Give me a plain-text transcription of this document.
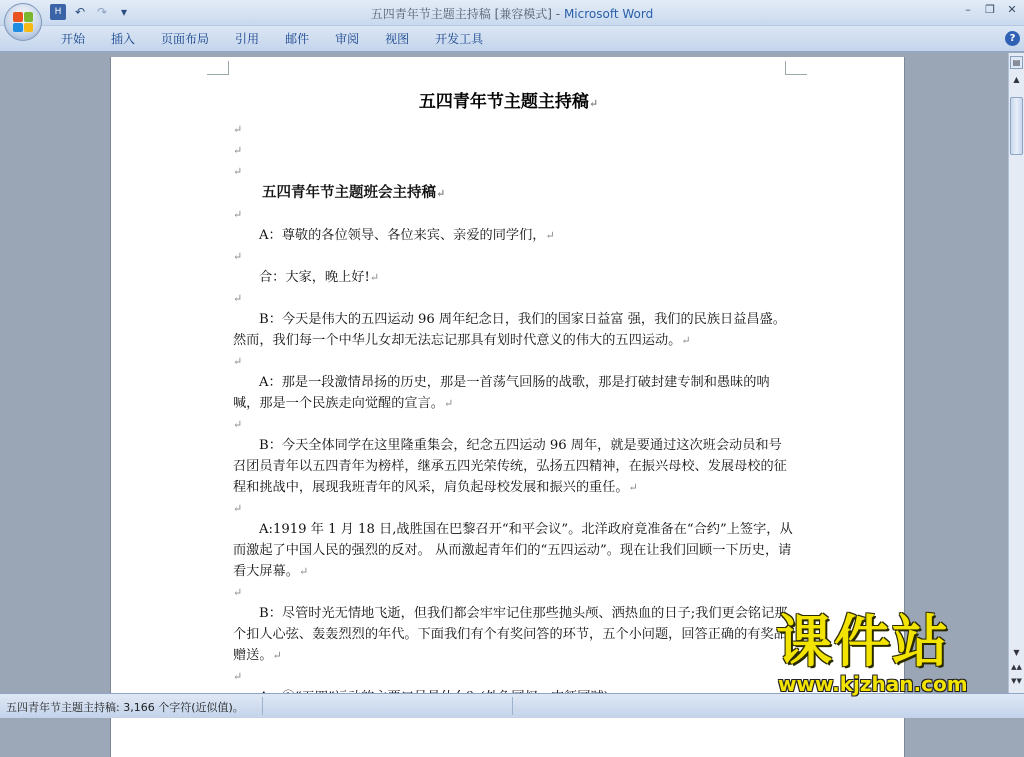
H	↶ ↷	▾	五四青年节主题主持稿 [兼容模式] - Microsoft Word	– ❐ ✕
开始	插入	页面布局	引用	邮件	审阅	视图	开发工具	?
五四青年节主题主持稿↵
↵
↵
↵
五四青年节主题班会主持稿↵
↵
A：尊敬的各位领导、各位来宾、亲爱的同学们，↵
↵
合：大家，晚上好!↵
↵
B：今天是伟大的五四运动 96 周年纪念日，我们的国家日益富 强，我们的民族日益昌盛。然而，我们每一个中华儿女却无法忘记那具有划时代意义的伟大的五四运动。↵
↵
A：那是一段激情昂扬的历史，那是一首荡气回肠的战歌，那是打破封建专制和愚昧的呐喊，那是一个民族走向觉醒的宣言。↵
↵
B：今天全体同学在这里隆重集会，纪念五四运动 96 周年，就是要通过这次班会动员和号召团员青年以五四青年为榜样，继承五四光荣传统，弘扬五四精神，在振兴母校、发展母校的征程和挑战中，展现我班青年的风采，肩负起母校发展和振兴的重任。↵
↵
A:1919 年 1 月 18 日,战胜国在巴黎召开“和平会议”。北洋政府竟准备在“合约”上签字，从而激起了中国人民的强烈的反对。 从而激起青年们的“五四运动”。现在让我们回顾一下历史，请看大屏幕。↵
↵
B：尽管时光无情地飞逝，但我们都会牢牢记住那些抛头颅、洒热血的日子;我们更会铭记那个扣人心弦、轰轰烈烈的年代。下面我们有个有奖问答的环节，五个小问题，回答正确的有奖品赠送。↵
↵
▤
▲
▼
▲▲
▼▼
五四青年节主题主持稿: 3,166 个字符(近似值)。
课件站
www.kjzhan.com
